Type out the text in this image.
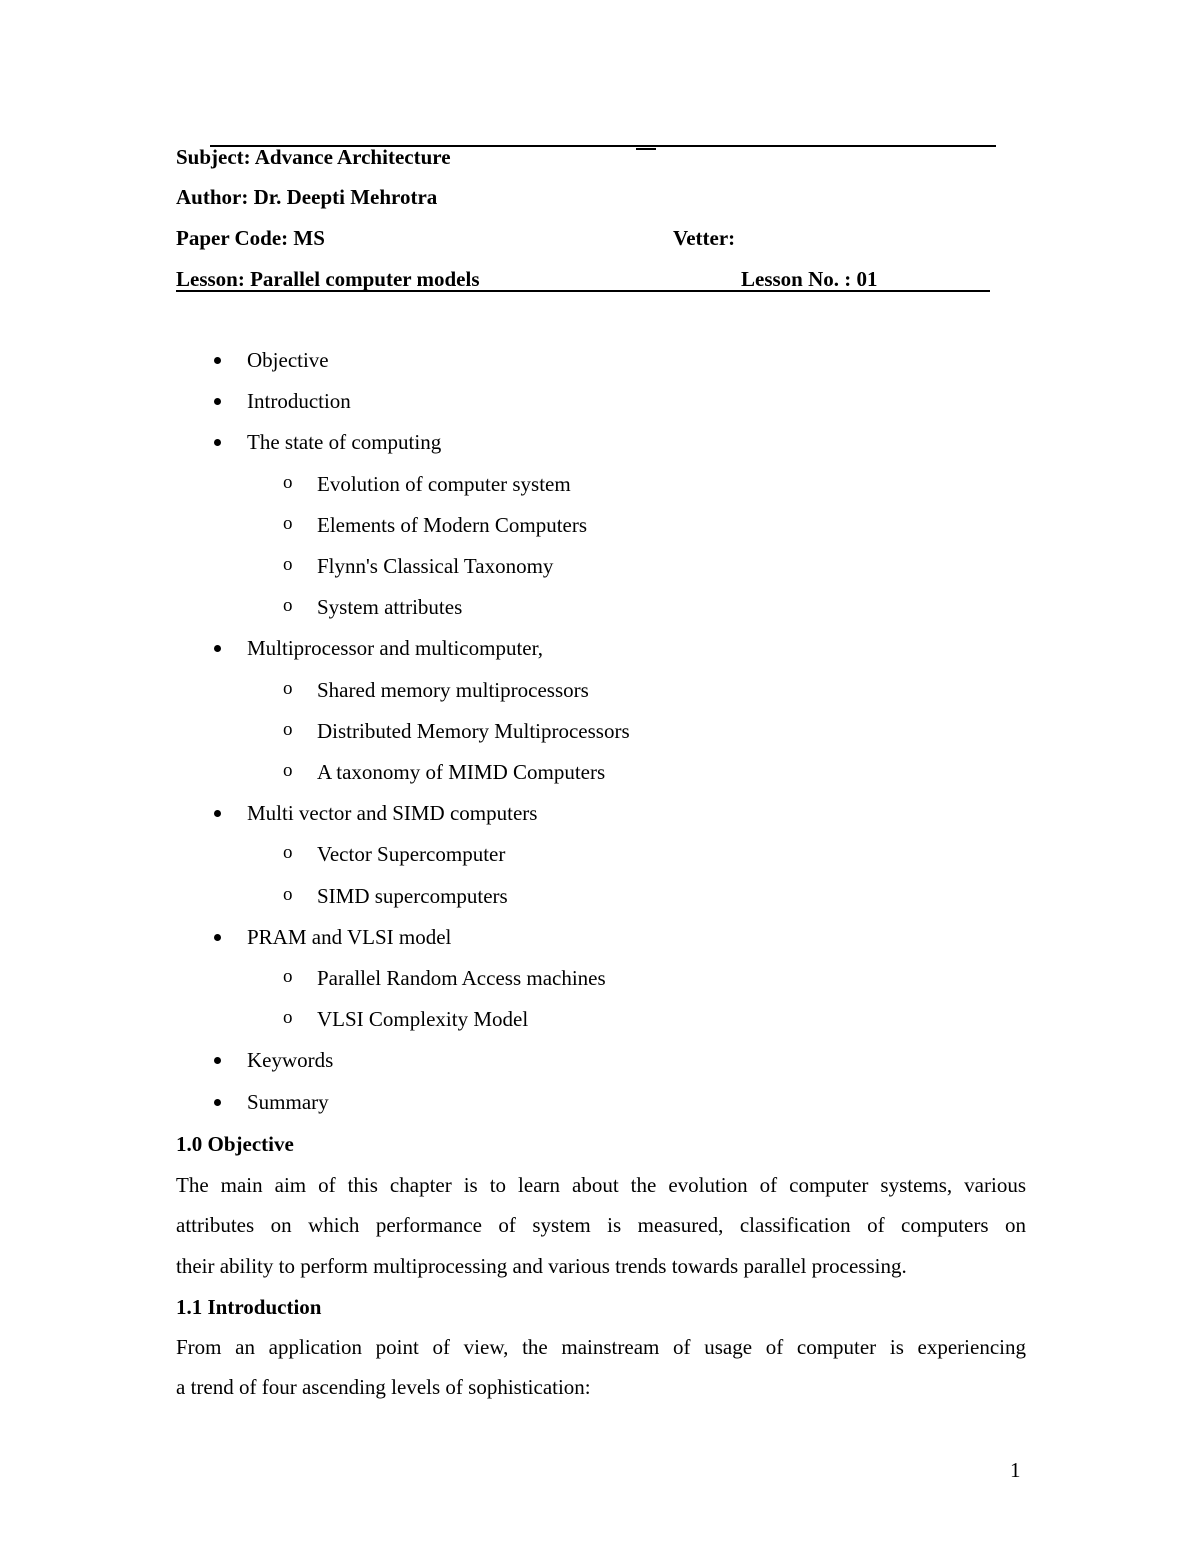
Subject: Advance Architecture
Author: Dr. Deepti Mehrotra
Paper Code: MS	Vetter:
Lesson: Parallel computer models	Lesson No. : 01
Objective
Introduction
The state of computing
o Evolution of computer system
o Elements of Modern Computers
o Flynn's Classical Taxonomy
o System attributes
Multiprocessor and multicomputer,
o Shared memory multiprocessors
o Distributed Memory Multiprocessors
o A taxonomy of MIMD Computers
Multi vector and SIMD computers
o Vector Supercomputer
o SIMD supercomputers
PRAM and VLSI model
o Parallel Random Access machines
o VLSI Complexity Model
Keywords
Summary
1.0 Objective
The main aim of this chapter is to learn about the evolution of computer systems, various
attributes on which performance of system is measured, classification of computers on
their ability to perform multiprocessing and various trends towards parallel processing.
1.1 Introduction
From an application point of view, the mainstream of usage of computer is experiencing
a trend of four ascending levels of sophistication:
1
